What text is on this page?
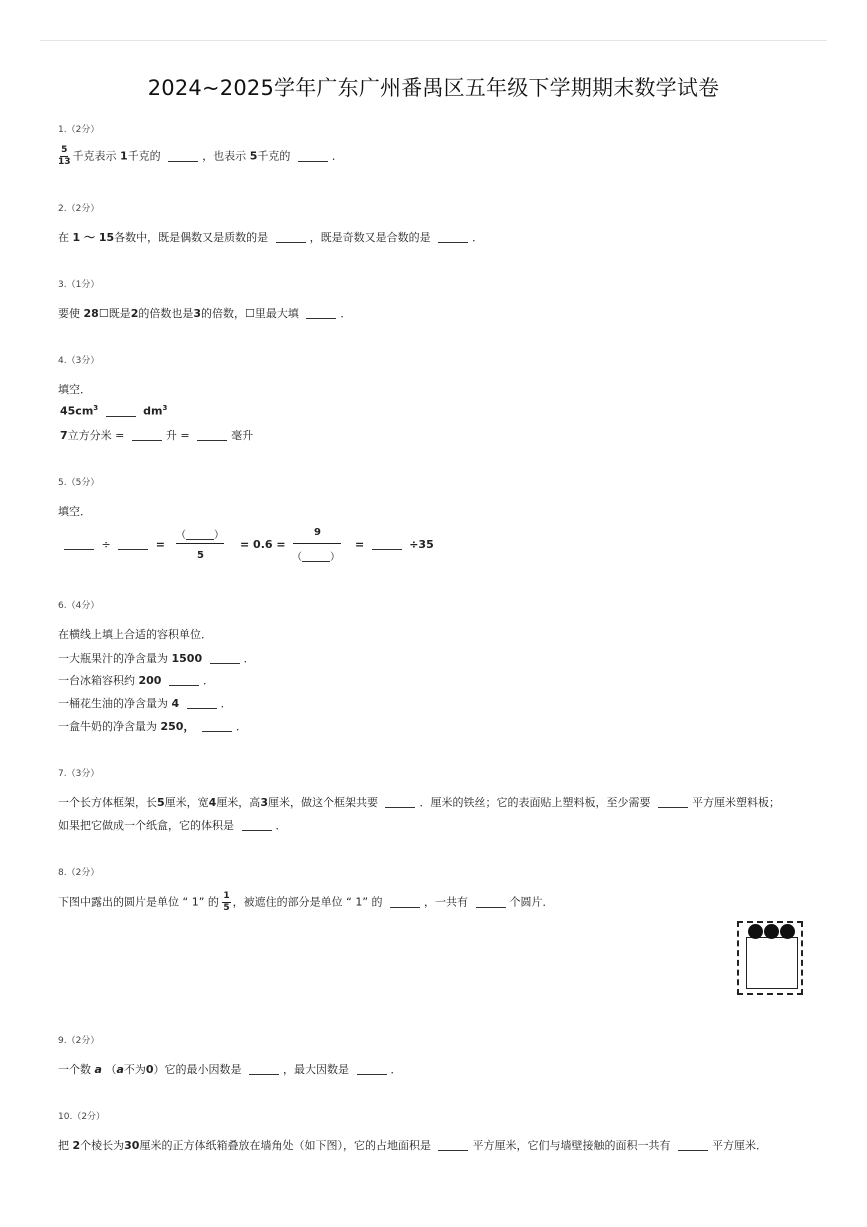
2024~2025学年广东广州番禺区五年级下学期期末数学试卷
1.（2分）
$\frac{5}{13}$ 千克表示 1千克的	，也表示 5千克的	．
2.（2分）
在 1 ～ 15各数中，既是偶数又是质数的是	，既是奇数又是合数的是	．
3.（1分）
要使 28☐既是2的倍数也是3的倍数，☐里最大填	．
4.（3分）
填空．
$45cm^3$	$dm^3$
7立方分米 =	升 =	毫升
5.（5分）
填空．
÷	=
（	）
5
= 0.6 =
9
（	）
=	÷35
6.（4分）
在横线上填上合适的容积单位．
一大瓶果汁的净含量为 1500	．
一台冰箱容积约 200	．
一桶花生油的净含量为 4	．
一盒牛奶的净含量为 250，	．
7.（3分）
一个长方体框架，长5厘米，宽4厘米，高3厘米，做这个框架共要	．厘米的铁丝；它的表面贴上塑料板，至少需要	平方厘米塑料板；
如果把它做成一个纸盒，它的体积是	．
8.（2分）
下图中露出的圆片是单位 “ 1” 的 $\frac{1}{5}$ ，被遮住的部分是单位 “ 1” 的	，一共有	个圆片．
9.（2分）
一个数 a （a不为0）它的最小因数是	，最大因数是	．
10.（2分）
把 2个棱长为30厘米的正方体纸箱叠放在墙角处（如下图），它的占地面积是	平方厘米，它们与墙壁接触的面积一共有	平方厘米．
